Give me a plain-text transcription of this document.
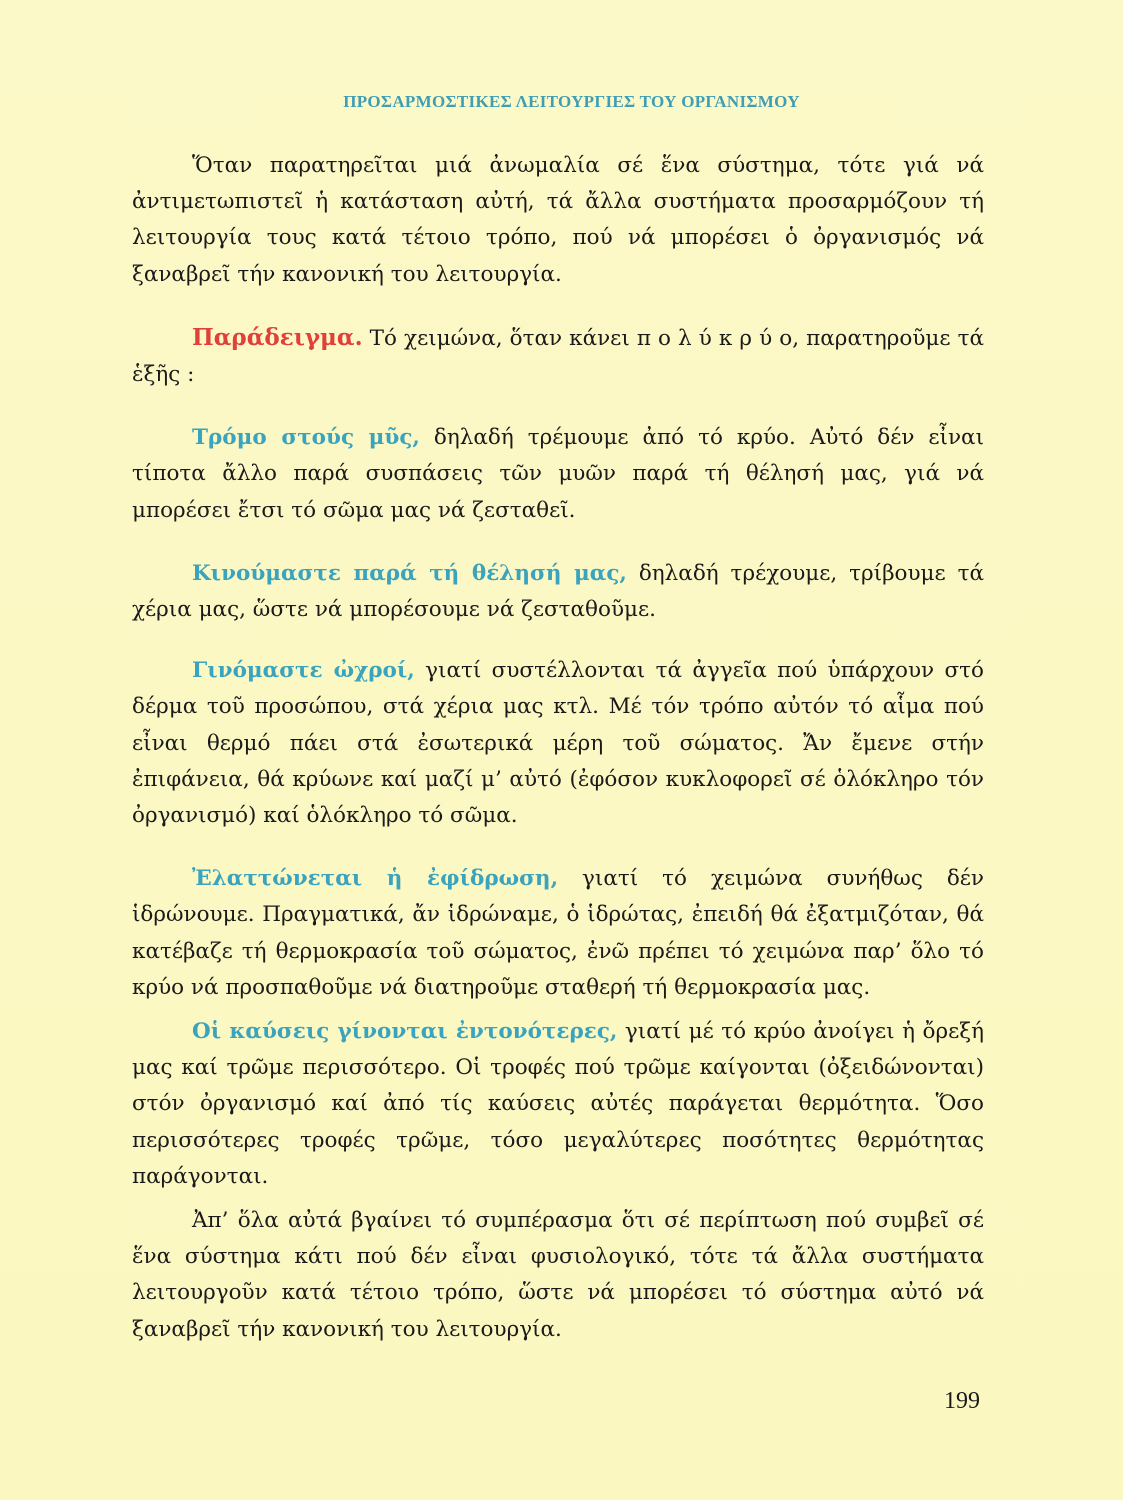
ΠΡΟΣΑΡΜΟΣΤΙΚΕΣ ΛΕΙΤΟΥΡΓΙΕΣ ΤΟΥ ΟΡΓΑΝΙΣΜΟΥ

Ὅταν παρατηρεῖται μιά ἀνωμαλία σέ ἕνα σύστημα, τότε γιά νά ἀντιμετωπιστεῖ ἡ κατάσταση αὐτή, τά ἄλλα συστήματα προσαρμόζουν τή λειτουργία τους κατά τέτοιο τρόπο, πού νά μπορέσει ὁ ὀργανισμός νά ξαναβρεῖ τήν κανονική του λειτουργία.

Παράδειγμα. Τό χειμώνα, ὅταν κάνει π ο λ ύ κ ρ ύ ο, παρατηροῦμε τά ἑξῆς :

Τρόμο στούς μῦς, δηλαδή τρέμουμε ἀπό τό κρύο. Αὐτό δέν εἶναι τίποτα ἄλλο παρά συσπάσεις τῶν μυῶν παρά τή θέλησή μας, γιά νά μπορέσει ἔτσι τό σῶμα μας νά ζεσταθεῖ.

Κινούμαστε παρά τή θέλησή μας, δηλαδή τρέχουμε, τρίβουμε τά χέρια μας, ὥστε νά μπορέσουμε νά ζεσταθοῦμε.

Γινόμαστε ὠχροί, γιατί συστέλλονται τά ἀγγεῖα πού ὑπάρχουν στό δέρμα τοῦ προσώπου, στά χέρια μας κτλ. Μέ τόν τρόπο αὐτόν τό αἷμα πού εἶναι θερμό πάει στά ἐσωτερικά μέρη τοῦ σώματος. Ἄν ἔμενε στήν ἐπιφάνεια, θά κρύωνε καί μαζί μ’ αὐτό (ἐφόσον κυκλοφορεῖ σέ ὁλόκληρο τόν ὀργανισμό) καί ὁλόκληρο τό σῶμα.

Ἐλαττώνεται ἡ ἐφίδρωση, γιατί τό χειμώνα συνήθως δέν ἱδρώνουμε. Πραγματικά, ἄν ἱδρώναμε, ὁ ἱδρώτας, ἐπειδή θά ἐξατμιζόταν, θά κατέβαζε τή θερμοκρασία τοῦ σώματος, ἐνῶ πρέπει τό χειμώνα παρ’ ὅλο τό κρύο νά προσπαθοῦμε νά διατηροῦμε σταθερή τή θερμοκρασία μας.

Οἱ καύσεις γίνονται ἐντονότερες, γιατί μέ τό κρύο ἀνοίγει ἡ ὄρεξή μας καί τρῶμε περισσότερο. Οἱ τροφές πού τρῶμε καίγονται (ὀξειδώνονται) στόν ὀργανισμό καί ἀπό τίς καύσεις αὐτές παράγεται θερμότητα. Ὅσο περισσότερες τροφές τρῶμε, τόσο μεγαλύτερες ποσότητες θερμότητας παράγονται.

Ἀπ’ ὅλα αὐτά βγαίνει τό συμπέρασμα ὅτι σέ περίπτωση πού συμβεῖ σέ ἕνα σύστημα κάτι πού δέν εἶναι φυσιολογικό, τότε τά ἄλλα συστήματα λειτουργοῦν κατά τέτοιο τρόπο, ὥστε νά μπορέσει τό σύστημα αὐτό νά ξαναβρεῖ τήν κανονική του λειτουργία.

199
